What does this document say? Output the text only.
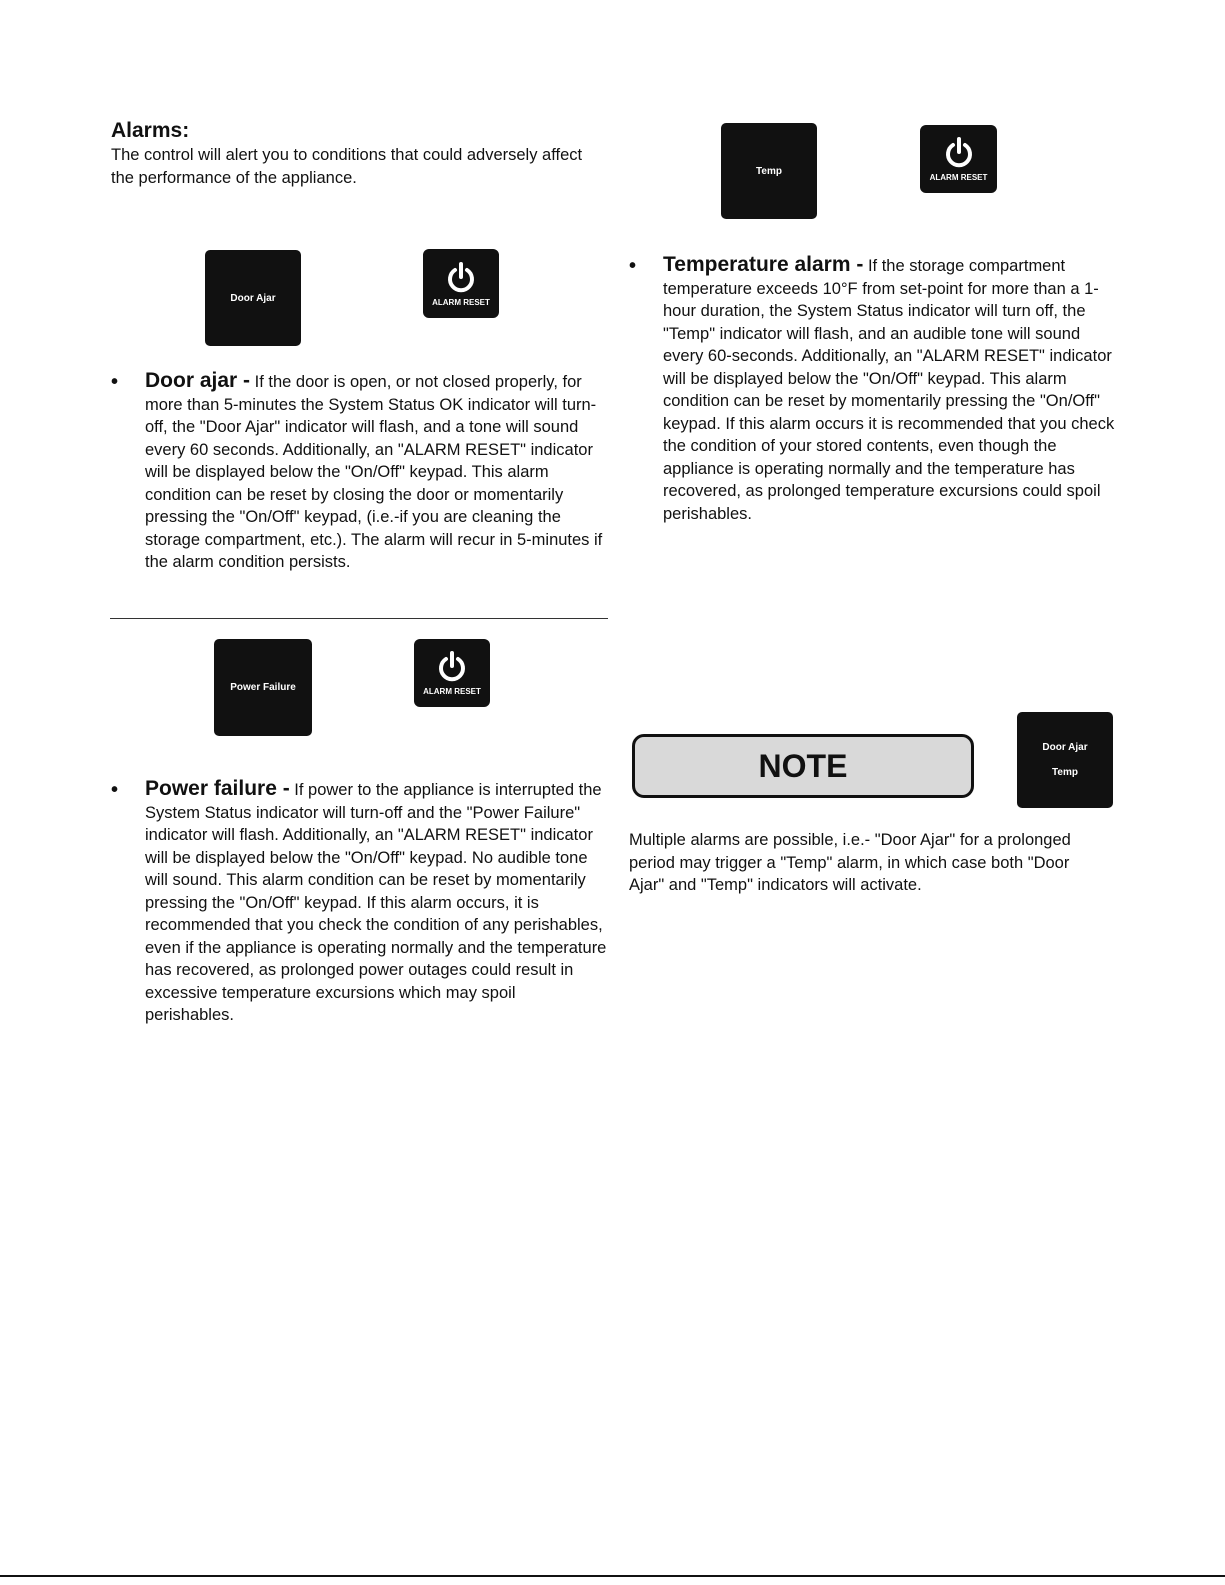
Alarms:
The control will alert you to conditions that could adversely affect the performance of the appliance.
Door Ajar	ALARM RESET
• Door ajar - If the door is open, or not closed properly, for more than 5-minutes the System Status OK indicator will turn-off, the "Door Ajar" indicator will flash, and a tone will sound every 60 seconds. Additionally, an "ALARM RESET" indicator will be displayed below the "On/Off" keypad. This alarm condition can be reset by closing the door or momentarily pressing the "On/Off" keypad, (i.e.-if you are cleaning the storage compartment, etc.). The alarm will recur in 5-minutes if the alarm condition persists.
Power Failure	ALARM RESET
• Power failure - If power to the appliance is interrupted the System Status indicator will turn-off and the "Power Failure" indicator will flash. Additionally, an "ALARM RESET" indicator will be displayed below the "On/Off" keypad. No audible tone will sound. This alarm condition can be reset by momentarily pressing the "On/Off" keypad. If this alarm occurs, it is recommended that you check the condition of any perishables, even if the appliance is operating normally and the temperature has recovered, as prolonged power outages could result in excessive temperature excursions which may spoil perishables.
Temp
ALARM RESET
• Temperature alarm - If the storage compartment temperature exceeds 10°F from set-point for more than a 1-hour duration, the System Status indicator will turn off, the "Temp" indicator will flash, and an audible tone will sound every 60-seconds. Additionally, an "ALARM RESET" indicator will be displayed below the "On/Off" keypad. This alarm condition can be reset by momentarily pressing the "On/Off" keypad. If this alarm occurs it is recommended that you check the condition of your stored contents, even though the appliance is operating normally and the temperature has recovered, as prolonged temperature excursions could spoil perishables.
NOTE	Door Ajar
Temp
Multiple alarms are possible, i.e.- "Door Ajar" for a prolonged period may trigger a "Temp" alarm, in which case both "Door Ajar" and "Temp" indicators will activate.
